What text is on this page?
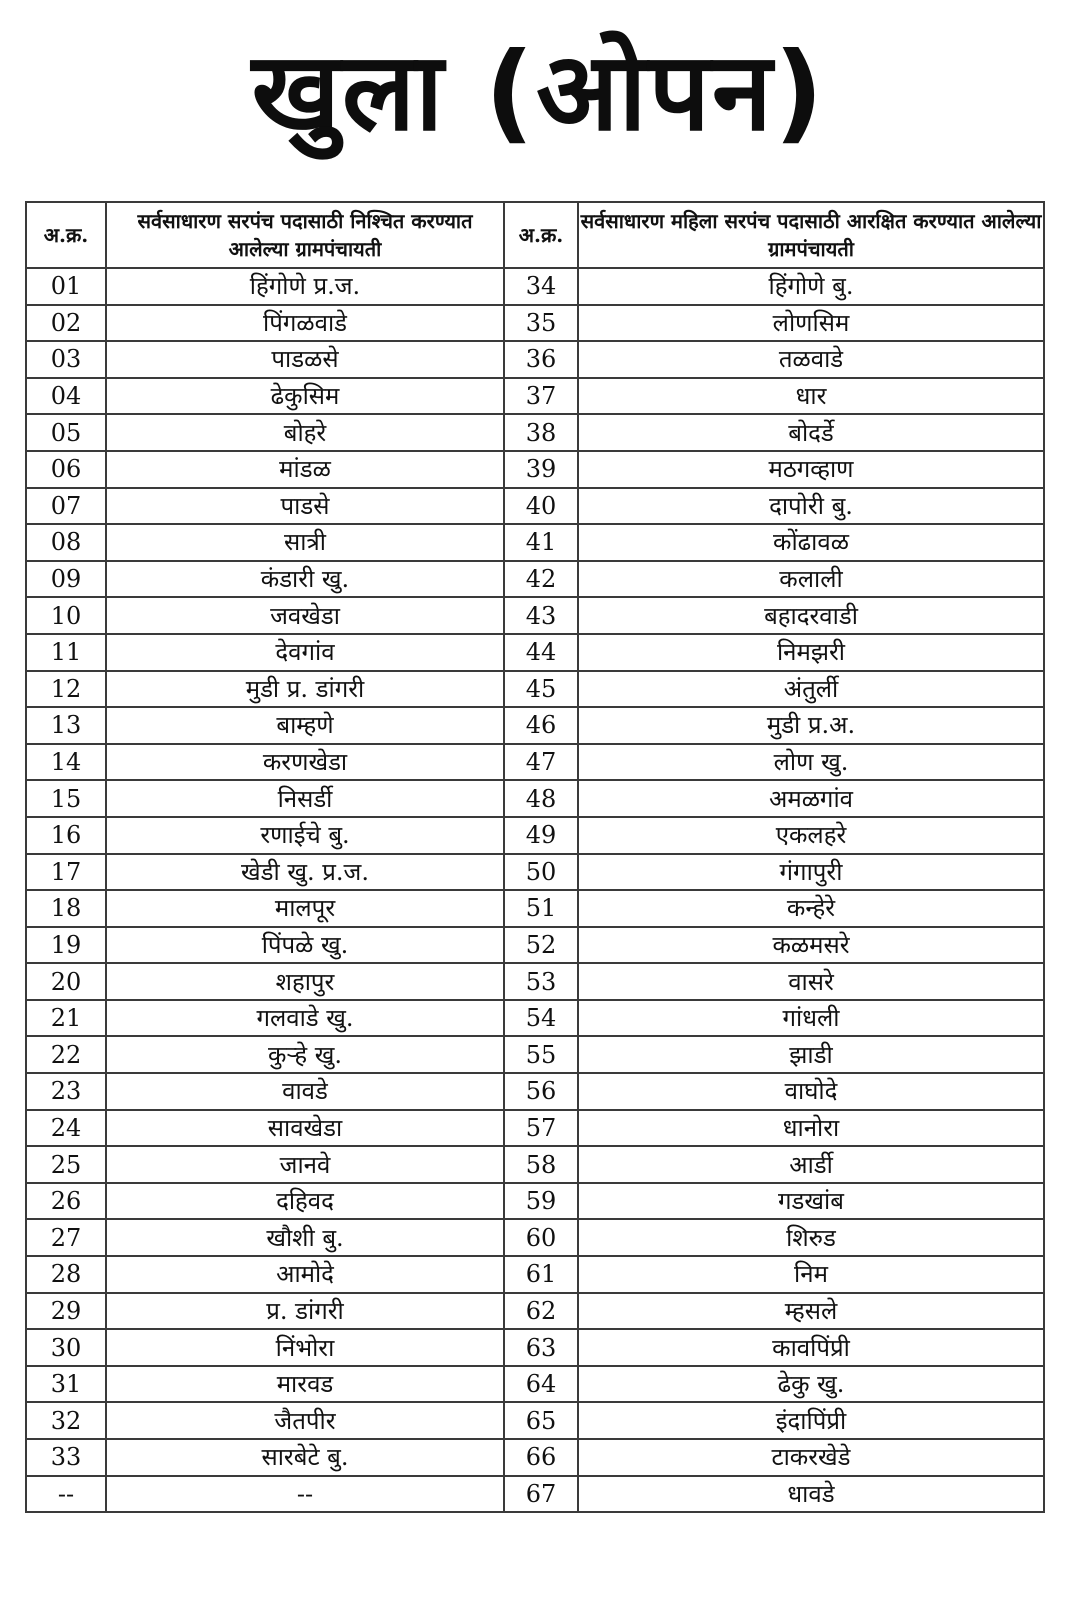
खुला (ओपन)
अ.क्र.	सर्वसाधारण सरपंच पदासाठी निश्चित करण्यात आलेल्या ग्रामपंचायती	अ.क्र.	सर्वसाधारण महिला सरपंच पदासाठी आरक्षित करण्यात आलेल्या ग्रामपंचायती
01	हिंगोणे प्र.ज.	34	हिंगोणे बु.
02	पिंगळवाडे	35	लोणसिम
03	पाडळसे	36	तळवाडे
04	ढेकुसिम	37	धार
05	बोहरे	38	बोदर्डे
06	मांडळ	39	मठगव्हाण
07	पाडसे	40	दापोरी बु.
08	सात्री	41	कोंढावळ
09	कंडारी खु.	42	कलाली
10	जवखेडा	43	बहादरवाडी
11	देवगांव	44	निमझरी
12	मुडी प्र. डांगरी	45	अंतुर्ली
13	बाम्हणे	46	मुडी प्र.अ.
14	करणखेडा	47	लोण खु.
15	निसर्डी	48	अमळगांव
16	रणाईचे बु.	49	एकलहरे
17	खेडी खु. प्र.ज.	50	गंगापुरी
18	मालपूर	51	कन्हेरे
19	पिंपळे खु.	52	कळमसरे
20	शहापुर	53	वासरे
21	गलवाडे खु.	54	गांधली
22	कुऱ्हे खु.	55	झाडी
23	वावडे	56	वाघोदे
24	सावखेडा	57	धानोरा
25	जानवे	58	आर्डी
26	दहिवद	59	गडखांब
27	खौशी बु.	60	शिरुड
28	आमोदे	61	निम
29	प्र. डांगरी	62	म्हसले
30	निंभोरा	63	कावपिंप्री
31	मारवड	64	ढेकु खु.
32	जैतपीर	65	इंदापिंप्री
33	सारबेटे बु.	66	टाकरखेडे
--	--	67	धावडे
